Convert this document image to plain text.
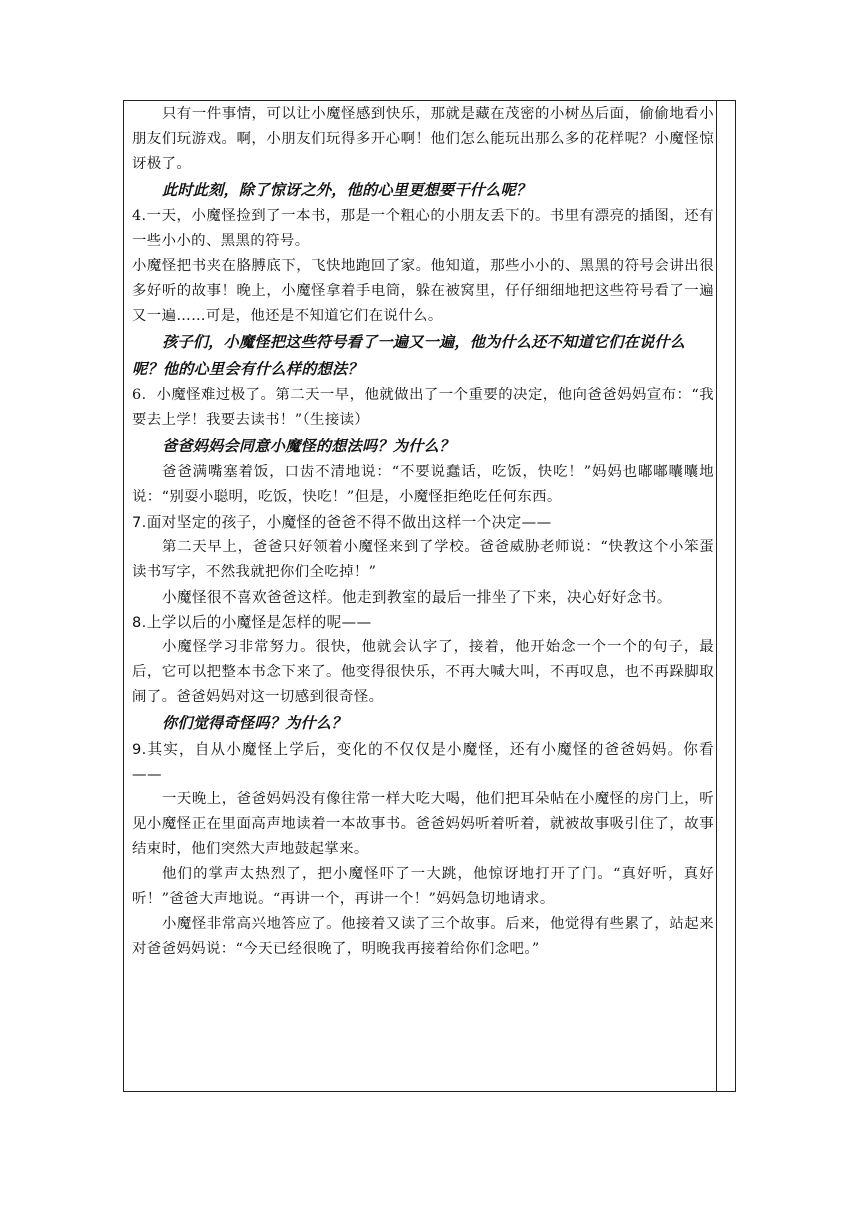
只有一件事情，可以让小魔怪感到快乐，那就是藏在茂密的小树丛后面，偷偷地看小朋友们玩游戏。啊，小朋友们玩得多开心啊！他们怎么能玩出那么多的花样呢？小魔怪惊讶极了。

此时此刻，除了惊讶之外，他的心里更想要干什么呢？

4.一天，小魔怪捡到了一本书，那是一个粗心的小朋友丢下的。书里有漂亮的插图，还有一些小小的、黑黑的符号。

小魔怪把书夹在胳膊底下，飞快地跑回了家。他知道，那些小小的、黑黑的符号会讲出很多好听的故事！晚上，小魔怪拿着手电筒，躲在被窝里，仔仔细细地把这些符号看了一遍又一遍……可是，他还是不知道它们在说什么。

孩子们，小魔怪把这些符号看了一遍又一遍，他为什么还不知道它们在说什么呢？他的心里会有什么样的想法？

6．小魔怪难过极了。第二天一早，他就做出了一个重要的决定，他向爸爸妈妈宣布：“我要去上学！我要去读书！”（生接读）

爸爸妈妈会同意小魔怪的想法吗？为什么？

爸爸满嘴塞着饭，口齿不清地说：“不要说蠢话，吃饭，快吃！”妈妈也嘟嘟囔囔地说：“别耍小聪明，吃饭，快吃！”但是，小魔怪拒绝吃任何东西。

7.面对坚定的孩子，小魔怪的爸爸不得不做出这样一个决定——

第二天早上，爸爸只好领着小魔怪来到了学校。爸爸威胁老师说：“快教这个小笨蛋读书写字，不然我就把你们全吃掉！”

小魔怪很不喜欢爸爸这样。他走到教室的最后一排坐了下来，决心好好念书。

8.上学以后的小魔怪是怎样的呢——

小魔怪学习非常努力。很快，他就会认字了，接着，他开始念一个一个的句子，最后，它可以把整本书念下来了。他变得很快乐，不再大喊大叫，不再叹息，也不再跺脚取闹了。爸爸妈妈对这一切感到很奇怪。

你们觉得奇怪吗？为什么？

9.其实，自从小魔怪上学后，变化的不仅仅是小魔怪，还有小魔怪的爸爸妈妈。你看——

一天晚上，爸爸妈妈没有像往常一样大吃大喝，他们把耳朵帖在小魔怪的房门上，听见小魔怪正在里面高声地读着一本故事书。爸爸妈妈听着听着，就被故事吸引住了，故事结束时，他们突然大声地鼓起掌来。

他们的掌声太热烈了，把小魔怪吓了一大跳，他惊讶地打开了门。“真好听，真好听！”爸爸大声地说。“再讲一个，再讲一个！”妈妈急切地请求。

小魔怪非常高兴地答应了。他接着又读了三个故事。后来，他觉得有些累了，站起来对爸爸妈妈说：“今天已经很晚了，明晚我再接着给你们念吧。”
